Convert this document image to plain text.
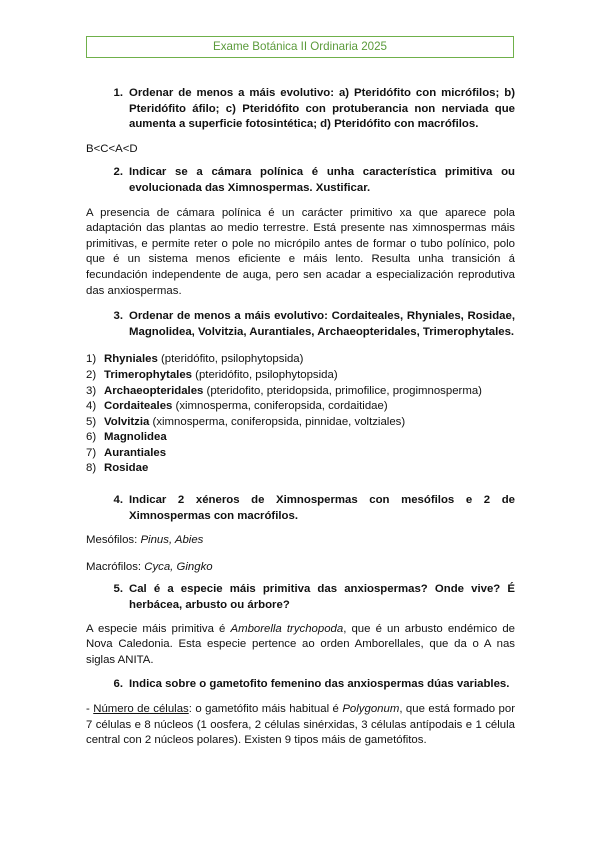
Exame Botánica II Ordinaria 2025
1. Ordenar de menos a máis evolutivo: a) Pteridófito con micrófilos; b) Pteridófito áfilo; c) Pteridófito con protuberancia non nerviada que aumenta a superficie fotosintética; d) Pteridófito con macrófilos.
B<C<A<D
2. Indicar se a cámara polínica é unha característica primitiva ou evolucionada das Ximnospermas. Xustificar.
A presencia de cámara polínica é un carácter primitivo xa que aparece pola adaptación das plantas ao medio terrestre. Está presente nas ximnospermas máis primitivas, e permite reter o pole no micrópilo antes de formar o tubo polínico, polo que é un sistema menos eficiente e máis lento. Resulta unha transición á fecundación independente de auga, pero sen acadar a especialización reprodutiva das anxiospermas.
3. Ordenar de menos a máis evolutivo: Cordaiteales, Rhyniales, Rosidae, Magnolidea, Volvitzia, Aurantiales, Archaeopteridales, Trimerophytales.
1) Rhyniales (pteridófito, psilophytopsida)
2) Trimerophytales (pteridófito, psilophytopsida)
3) Archaeopteridales (pteridofito, pteridopsida, primofilice, progimnosperma)
4) Cordaiteales (ximnosperma, coniferopsida, cordaitidae)
5) Volvitzia (ximnosperma, coniferopsida, pinnidae, voltziales)
6) Magnolidea
7) Aurantiales
8) Rosidae
4. Indicar 2 xéneros de Ximnospermas con mesófilos e 2 de Ximnospermas con macrófilos.
Mesófilos: Pinus, Abies
Macrófilos: Cyca, Gingko
5. Cal é a especie máis primitiva das anxiospermas? Onde vive? É herbácea, arbusto ou árbore?
A especie máis primitiva é Amborella trychopoda, que é un arbusto endémico de Nova Caledonia. Esta especie pertence ao orden Amborellales, que da o A nas siglas ANITA.
6. Indica sobre o gametofito femenino das anxiospermas dúas variables.
- Número de células: o gametófito máis habitual é Polygonum, que está formado por 7 células e 8 núcleos (1 oosfera, 2 células sinérxidas, 3 células antípodais e 1 célula central con 2 núcleos polares). Existen 9 tipos máis de gametófitos.
